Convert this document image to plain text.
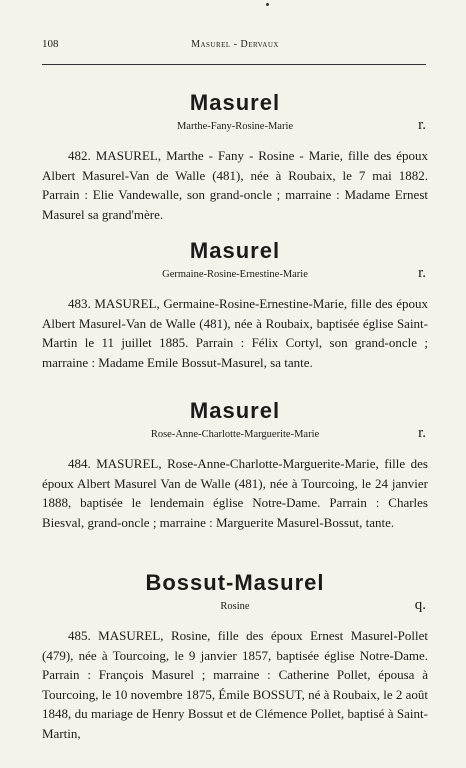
108	Masurel - Dervaux
Masurel
Marthe-Fany-Rosine-Marie	r.

482. MASUREL, Marthe - Fany - Rosine - Marie, fille des époux Albert Masurel-Van de Walle (481), née à Roubaix, le 7 mai 1882. Parrain : Elie Vandewalle, son grand-oncle ; marraine : Madame Ernest Masurel sa grand'mère.

Masurel
Germaine-Rosine-Ernestine-Marie	r.

483. MASUREL, Germaine-Rosine-Ernestine-Marie, fille des époux Albert Masurel-Van de Walle (481), née à Roubaix, baptisée église Saint-Martin le 11 juillet 1885. Parrain : Félix Cortyl, son grand-oncle ; marraine : Madame Emile Bossut-Masurel, sa tante.

Masurel
Rose-Anne-Charlotte-Marguerite-Marie	r.

484. MASUREL, Rose-Anne-Charlotte-Marguerite-Marie, fille des époux Albert Masurel Van de Walle (481), née à Tourcoing, le 24 janvier 1888, baptisée le lendemain église Notre-Dame. Parrain : Charles Biesval, grand-oncle ; marraine : Marguerite Masurel-Bossut, tante.

Bossut-Masurel
Rosine	q.

485. MASUREL, Rosine, fille des époux Ernest Masurel-Pollet (479), née à Tourcoing, le 9 janvier 1857, baptisée église Notre-Dame. Parrain : François Masurel ; marraine : Catherine Pollet, épousa à Tourcoing, le 10 novembre 1875, Émile BOSSUT, né à Roubaix, le 2 août 1848, du mariage de Henry Bossut et de Clémence Pollet, baptisé à Saint-Martin,
